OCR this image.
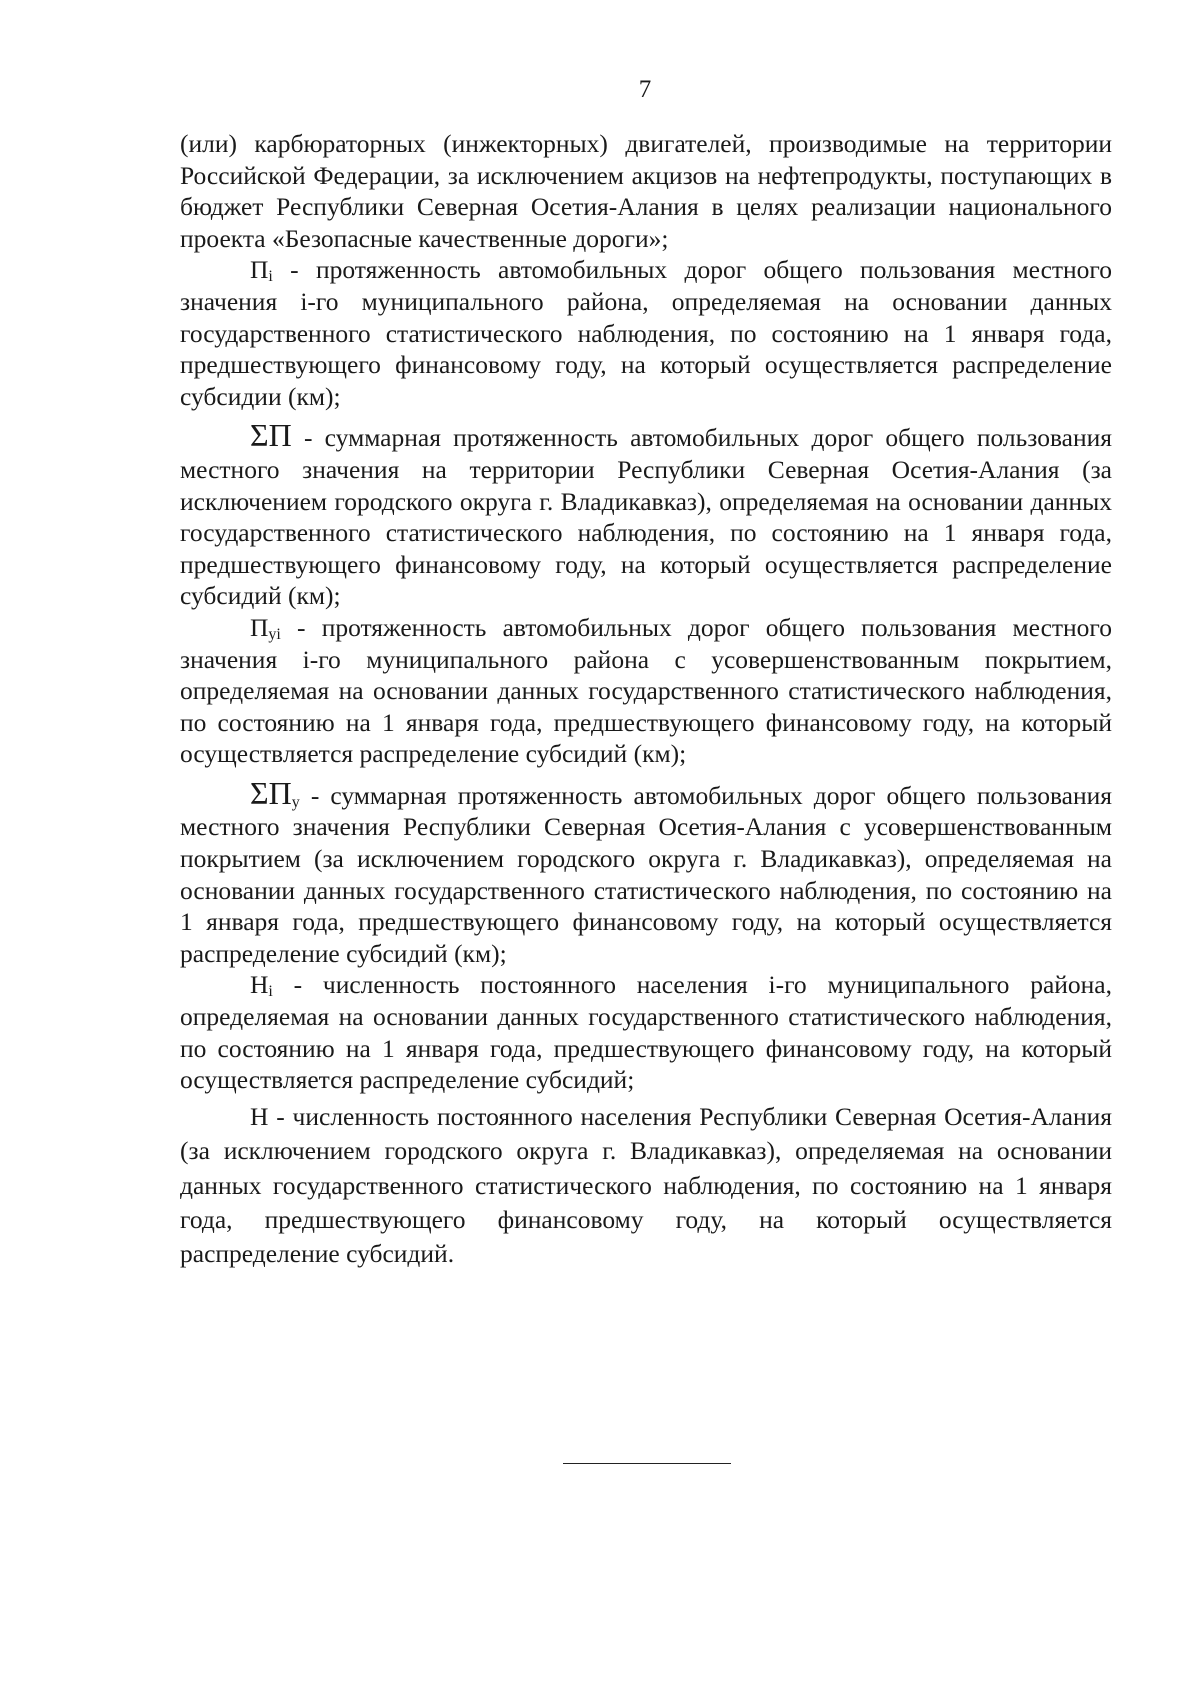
7

(или) карбюраторных (инжекторных) двигателей, производимые на территории Российской Федерации, за исключением акцизов на нефтепродукты, поступающих в бюджет Республики Северная Осетия-Алания в целях реализации национального проекта «Безопасные качественные дороги»;

$П_i$ - протяженность автомобильных дорог общего пользования местного значения i-го муниципального района, определяемая на основании данных государственного статистического наблюдения, по состоянию на 1 января года, предшествующего финансовому году, на который осуществляется распределение субсидии (км);

ΣП - суммарная протяженность автомобильных дорог общего пользования местного значения на территории Республики Северная Осетия-Алания (за исключением городского округа г. Владикавказ), определяемая на основании данных государственного статистического наблюдения, по состоянию на 1 января года, предшествующего финансовому году, на который осуществляется распределение субсидий (км);

$П_{yi}$ - протяженность автомобильных дорог общего пользования местного значения i-го муниципального района с усовершенствованным покрытием, определяемая на основании данных государственного статистического наблюдения, по состоянию на 1 января года, предшествующего финансовому году, на который осуществляется распределение субсидий (км);

$\Sigma П_y$ - суммарная протяженность автомобильных дорог общего пользования местного значения Республики Северная Осетия-Алания с усовершенствованным покрытием (за исключением городского округа г. Владикавказ), определяемая на основании данных государственного статистического наблюдения, по состоянию на 1 января года, предшествующего финансовому году, на который осуществляется распределение субсидий (км);

$Н_i$ - численность постоянного населения i-го муниципального района, определяемая на основании данных государственного статистического наблюдения, по состоянию на 1 января года, предшествующего финансовому году, на который осуществляется распределение субсидий;

Н - численность постоянного населения Республики Северная Осетия-Алания (за исключением городского округа г. Владикавказ), определяемая на основании данных государственного статистического наблюдения, по состоянию на 1 января года, предшествующего финансовому году, на который осуществляется распределение субсидий.
